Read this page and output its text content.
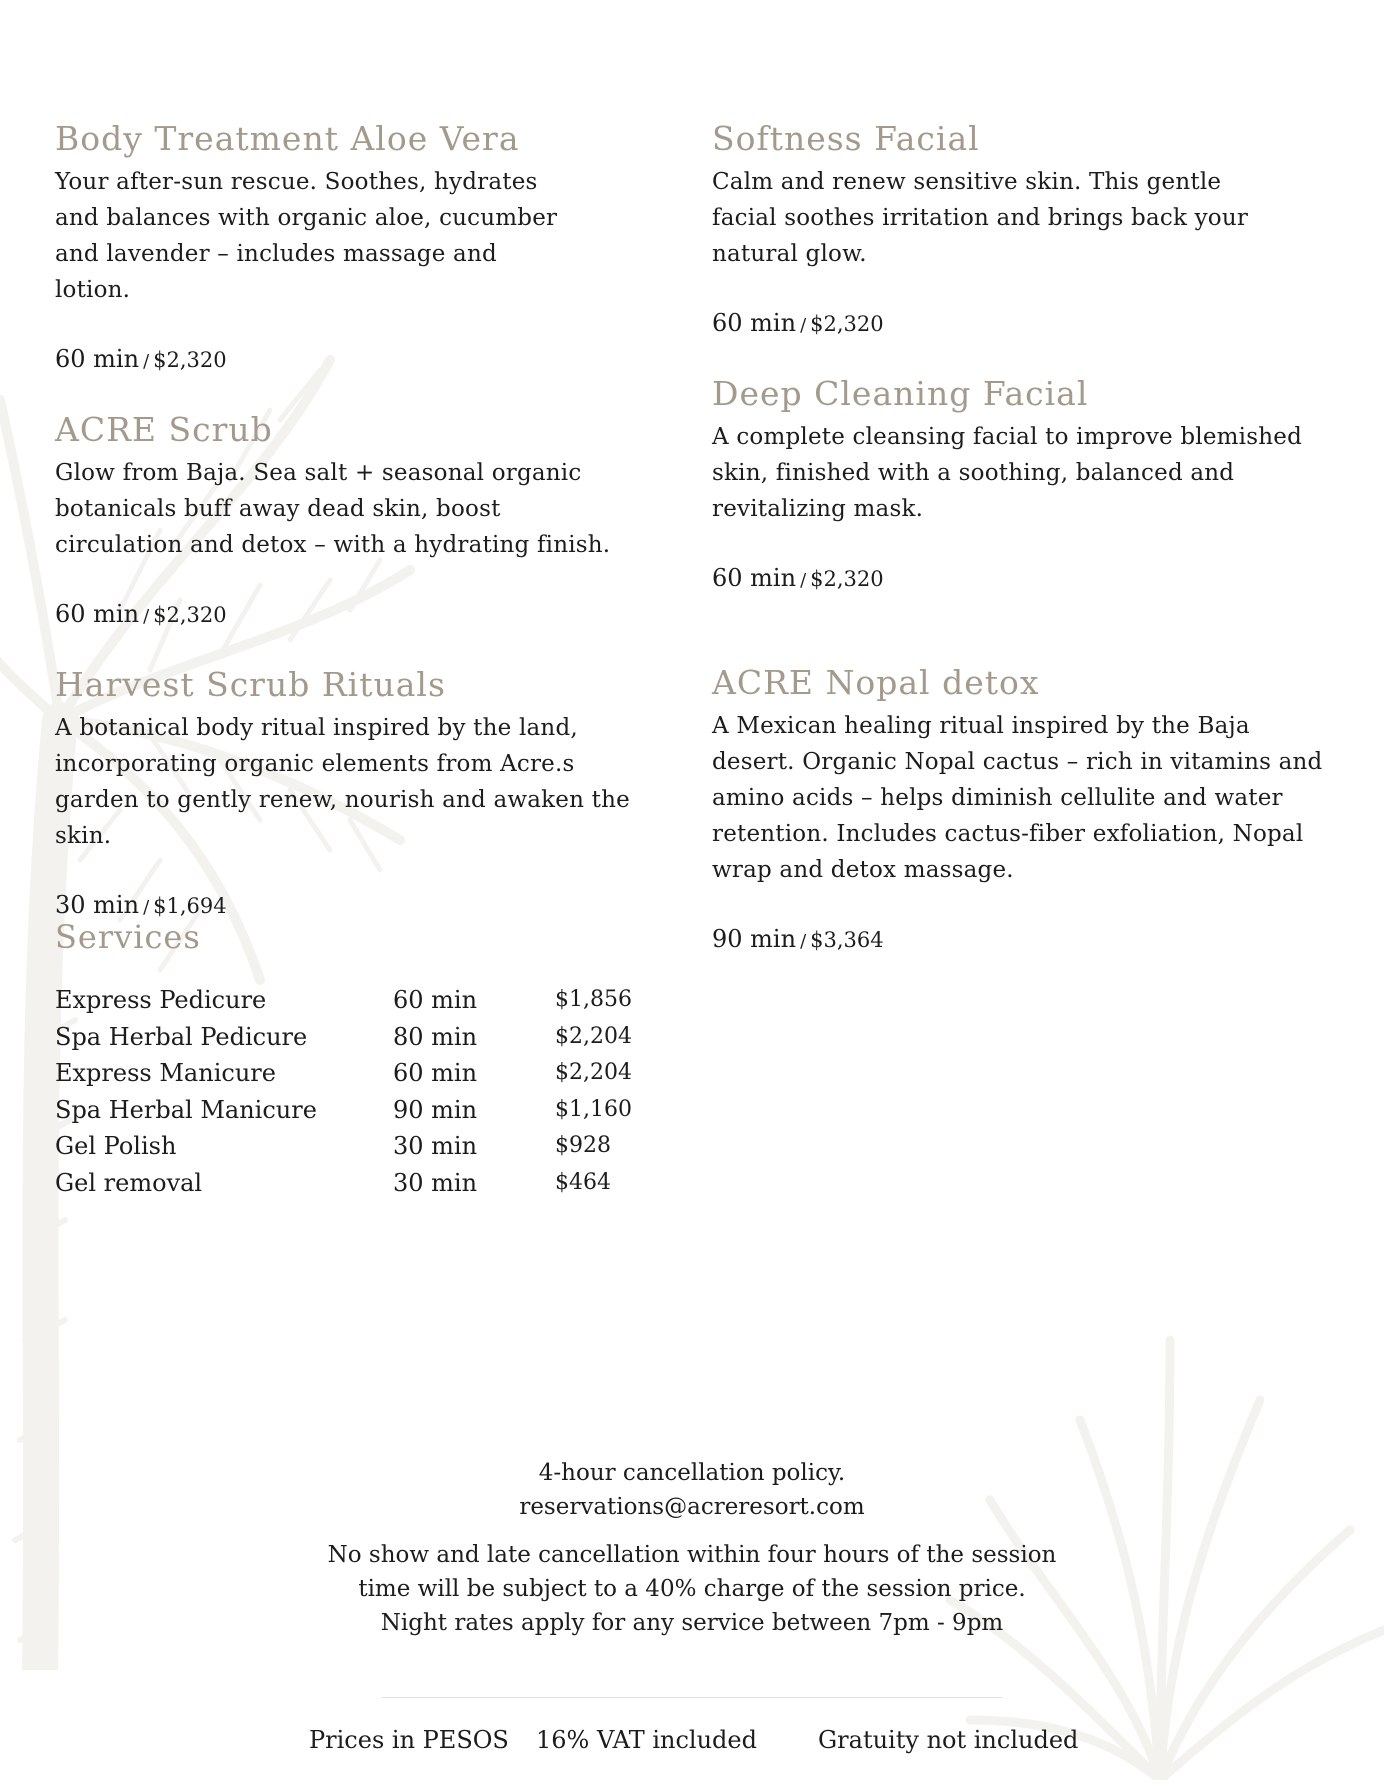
Body Treatment Aloe Vera

Your after-sun rescue. Soothes, hydrates and balances with organic aloe, cucumber and lavender – includes massage and lotion.

60 min / $2,320
ACRE Scrub

Glow from Baja. Sea salt + seasonal organic botanicals buff away dead skin, boost circulation and detox – with a hydrating finish.

60 min / $2,320
Harvest Scrub Rituals

A botanical body ritual inspired by the land, incorporating organic elements from Acre.s garden to gently renew, nourish and awaken the skin.

30 min / $1,694
Softness Facial

Calm and renew sensitive skin. This gentle facial soothes irritation and brings back your natural glow.

60 min / $2,320
Deep Cleaning Facial

A complete cleansing facial to improve blemished skin, finished with a soothing, balanced and revitalizing mask.

60 min / $2,320
ACRE Nopal detox

A Mexican healing ritual inspired by the Baja desert. Organic Nopal cactus – rich in vitamins and amino acids – helps diminish cellulite and water retention. Includes cactus-fiber exfoliation, Nopal wrap and detox massage.

90 min / $3,364
Services
Express Pedicure	60 min	$1,856
Spa Herbal Pedicure	80 min	$2,204
Express Manicure	60 min	$2,204
Spa Herbal Manicure	90 min	$1,160
Gel Polish	30 min	$928
Gel removal	30 min	$464
4-hour cancellation policy.
reservations@acreresort.com
No show and late cancellation within four hours of the session
time will be subject to a 40% charge of the session price.
Night rates apply for any service between 7pm - 9pm
Prices in PESOS 16% VAT included	Gratuity not included
